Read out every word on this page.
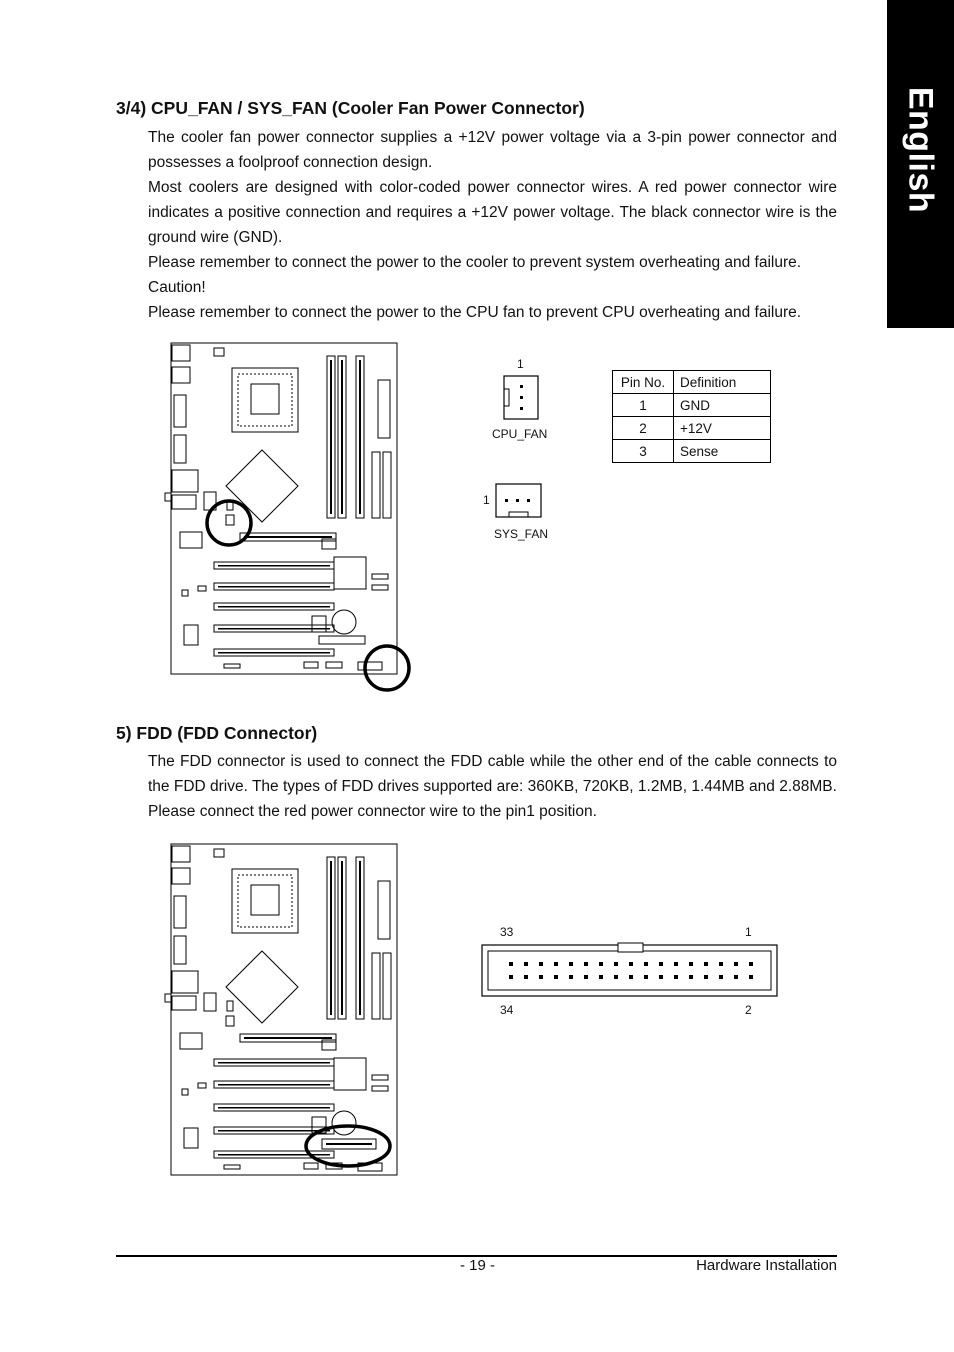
English
3/4) CPU_FAN / SYS_FAN (Cooler Fan Power Connector)

The cooler fan power connector supplies a +12V power voltage via a 3-pin power connector and possesses a foolproof connection design.

Most coolers are designed with color-coded power connector wires. A red power connector wire indicates a positive connection and requires a +12V power voltage. The black connector wire is the ground wire (GND).

Please remember to connect the power to the cooler to prevent system overheating and failure.

Caution!

Please remember to connect the power to the CPU fan to prevent CPU overheating and failure.

1
CPU_FAN
1
SYS_FAN
Pin No.	Definition
1	GND
2	+12V
3	Sense
5) FDD (FDD Connector)

The FDD connector is used to connect the FDD cable while the other end of the cable connects to the FDD drive. The types of FDD drives supported are: 360KB, 720KB, 1.2MB, 1.44MB and 2.88MB.

Please connect the red power connector wire to the pin1 position.

33	1
34	2
- 19 -	Hardware Installation
